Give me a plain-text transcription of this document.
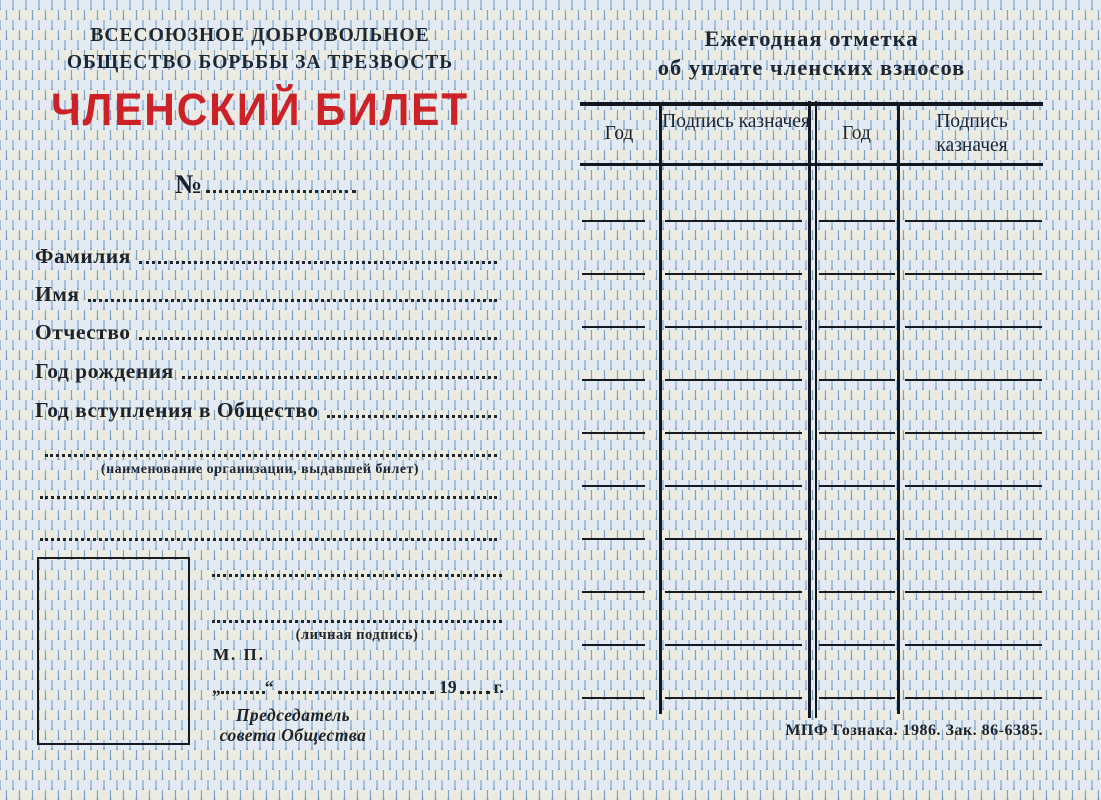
ВСЕСОЮЗНОЕ ДОБРОВОЛЬНОЕ
ОБЩЕСТВО БОРЬБЫ ЗА ТРЕЗВОСТЬ
ЧЛЕНСКИЙ БИЛЕТ
№
Фамилия
Имя
Отчество
Год рождения
Год вступления в Общество
(наименование организации, выдавшей билет)
(личная подпись)
М. П.
„	“	19 г.
Председатель
совета Общества
Ежегодная отметка
об уплате членских взносов
Год
Подпись казначея
Год
Подпись казначея
МПФ Гознака. 1986. Зак. 86-6385.
